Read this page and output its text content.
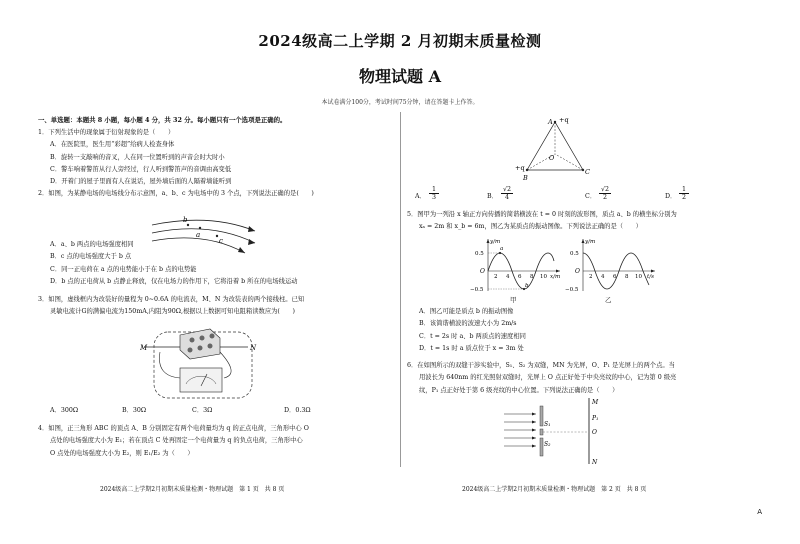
2024级高二上学期 2 月初期末质量检测
物理试题 A
本试卷满分100分，考试时间75分钟，请在答题卡上作答。
一、单选题：本题共 8 小题，每小题 4 分，共 32 分。每小题只有一个选项是正确的。

1．下列生活中的现象属于衍射现象的是（　　）

A．在医院里，医生用“彩超”给病人检查身体

B．旋转一支敲响的音叉，人在同一位置听到的声音会时大时小

C．警车响着警笛从行人旁经过，行人听到警笛声的音调由高变低

D．开着门的屋子里面有人在说话，屋外墙后面的人隔着墙能听到

2．如图，为某静电场的电场线分布示意图，a、b、c 为电场中的 3 个点，下列说法正确的是(　　)

b
a
c

A．a、b 两点的电场强度相同

B．c 点的电场强度大于 b 点

C．同一正电荷在 a 点的电势能小于在 b 点的电势能

D．b 点的正电荷从 b 点静止释放，仅在电场力的作用下，它将沿着 b 所在的电场线运动

3．如图，虚线框内为改装好的量程为 0~0.6A 的电流表，M、N 为改装表的两个接线柱。已知

灵敏电流计G的满偏电流为150mA,内阻为90Ω,根据以上数据可知电阻箱读数应为(　　)

M	N
A．300Ω	B．30Ω	C．3Ω	D．0.3Ω

4．如图，正三角形 ABC 的顶点 A、B 分别固定有两个电荷量均为 q 的正点电荷，三角形中心 O

点处的电场强度大小为 E₁；若在顶点 C 处再固定一个电荷量为 q 的负点电荷，三角形中心

O 点处的电场强度大小为 E₂，则 E₁/E₂ 为（　　）

2024级高二上学期2月初期末质量检测・物理试题　第 1 页　共 8 页
A +q
+q
B
C
O
A．
1
3	B．
√2
4	C．
√2
2	D．
1
2

5．图甲为一列沿 x 轴正方向传播的简谐横波在 t = 0 时刻的波形图，质点 a、b 的横坐标分别为

xₐ = 2m 和 x_b = 6m，图乙为某质点的振动图像。下列说法正确的是（　　）

y/m
x/m
0.5
−0.5
O
2 4 6 8 10
a
b
y/m
t/s
0.5
−0.5
O
2 4 6 8 10
甲	乙

A．图乙可能是质点 b 的振动图像

B．该简谐横波的波速大小为 2m/s

C．t = 2s 时 a、b 两质点的速度相同

D．t = 1s 时 a 质点位于 x = 3m 处

6．在如图所示的双缝干涉实验中，S₁、S₂ 为双缝，MN 为光屏，O、P₁ 是光屏上的两个点。当

用波长为 640nm 的红光照射双缝时，光屏上 O 点正好处于中央亮纹的中心，记为第 0 级亮

纹，P₁ 点正好处于第 6 级亮纹的中心位置。下列说法正确的是（　　）

S₁
S₂
M
P₁
O
N
2024级高二上学期2月初期末质量检测・物理试题　第 2 页　共 8 页
A
